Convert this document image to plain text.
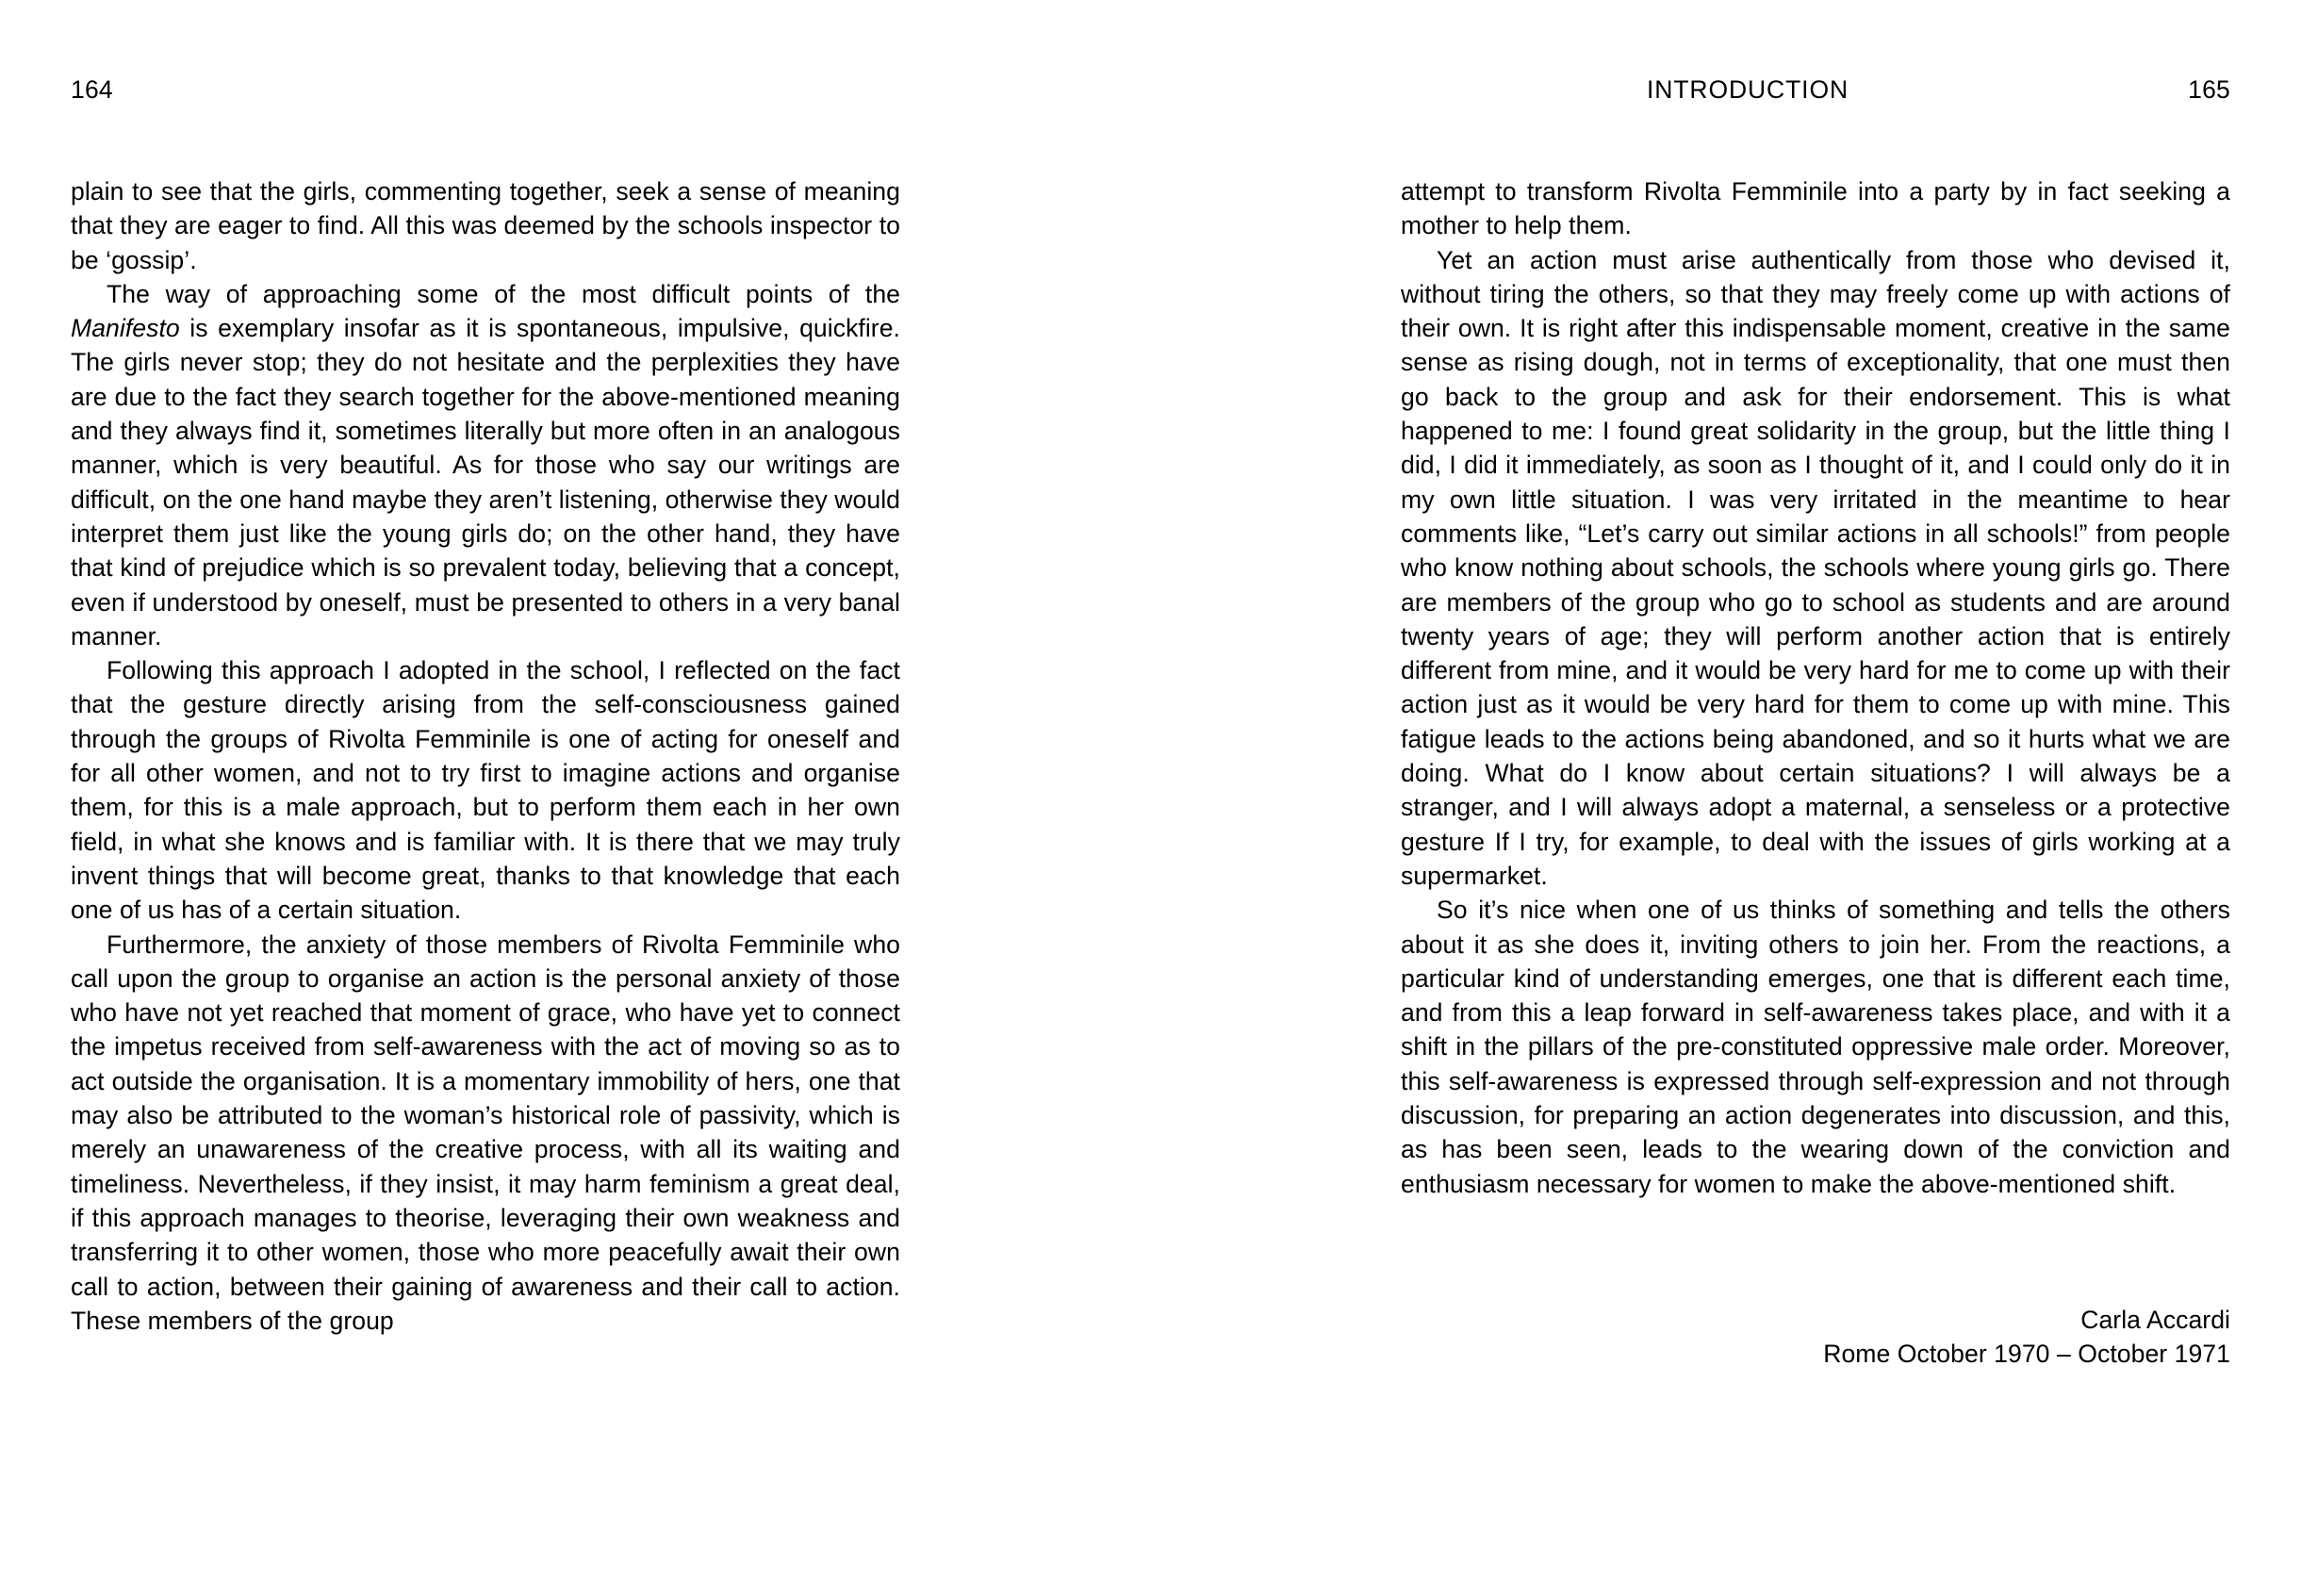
164	INTRODUCTION	165

plain to see that the girls, commenting together, seek a sense of meaning that they are eager to find. All this was deemed by the schools inspector to be ‘gossip’.

The way of approaching some of the most difficult points of the Manifesto is exemplary insofar as it is spontaneous, impulsive, quickfire. The girls never stop; they do not hesitate and the perplexities they have are due to the fact they search together for the above-mentioned meaning and they always find it, sometimes literally but more often in an analogous manner, which is very beautiful. As for those who say our writings are difficult, on the one hand maybe they aren’t listening, otherwise they would interpret them just like the young girls do; on the other hand, they have that kind of prejudice which is so prevalent today, believing that a concept, even if understood by oneself, must be presented to others in a very banal manner.

Following this approach I adopted in the school, I reflected on the fact that the gesture directly arising from the self-consciousness gained through the groups of Rivolta Femminile is one of acting for oneself and for all other women, and not to try first to imagine actions and organise them, for this is a male approach, but to perform them each in her own field, in what she knows and is familiar with. It is there that we may truly invent things that will become great, thanks to that knowledge that each one of us has of a certain situation.

Furthermore, the anxiety of those members of Rivolta Femminile who call upon the group to organise an action is the personal anxiety of those who have not yet reached that moment of grace, who have yet to connect the impetus received from self-awareness with the act of moving so as to act outside the organisation. It is a momentary immobility of hers, one that may also be attributed to the woman’s historical role of passivity, which is merely an unawareness of the creative process, with all its waiting and timeliness. Nevertheless, if they insist, it may harm feminism a great deal, if this approach manages to theorise, leveraging their own weakness and transferring it to other women, those who more peacefully await their own call to action, between their gaining of awareness and their call to action. These members of the group

attempt to transform Rivolta Femminile into a party by in fact seeking a mother to help them.

Yet an action must arise authentically from those who devised it, without tiring the others, so that they may freely come up with actions of their own. It is right after this indispensable moment, creative in the same sense as rising dough, not in terms of exceptionality, that one must then go back to the group and ask for their endorsement. This is what happened to me: I found great solidarity in the group, but the little thing I did, I did it immediately, as soon as I thought of it, and I could only do it in my own little situation. I was very irritated in the meantime to hear comments like, “Let’s carry out similar actions in all schools!” from people who know nothing about schools, the schools where young girls go. There are members of the group who go to school as students and are around twenty years of age; they will perform another action that is entirely different from mine, and it would be very hard for me to come up with their action just as it would be very hard for them to come up with mine. This fatigue leads to the actions being abandoned, and so it hurts what we are doing. What do I know about certain situations? I will always be a stranger, and I will always adopt a maternal, a senseless or a protective gesture If I try, for example, to deal with the issues of girls working at a supermarket.

So it’s nice when one of us thinks of something and tells the others about it as she does it, inviting others to join her. From the reactions, a particular kind of understanding emerges, one that is different each time, and from this a leap forward in self-awareness takes place, and with it a shift in the pillars of the pre-constituted oppressive male order. Moreover, this self-awareness is expressed through self-expression and not through discussion, for preparing an action degenerates into discussion, and this, as has been seen, leads to the wearing down of the conviction and enthusiasm necessary for women to make the above-mentioned shift.

Carla Accardi

Rome October 1970 – October 1971
